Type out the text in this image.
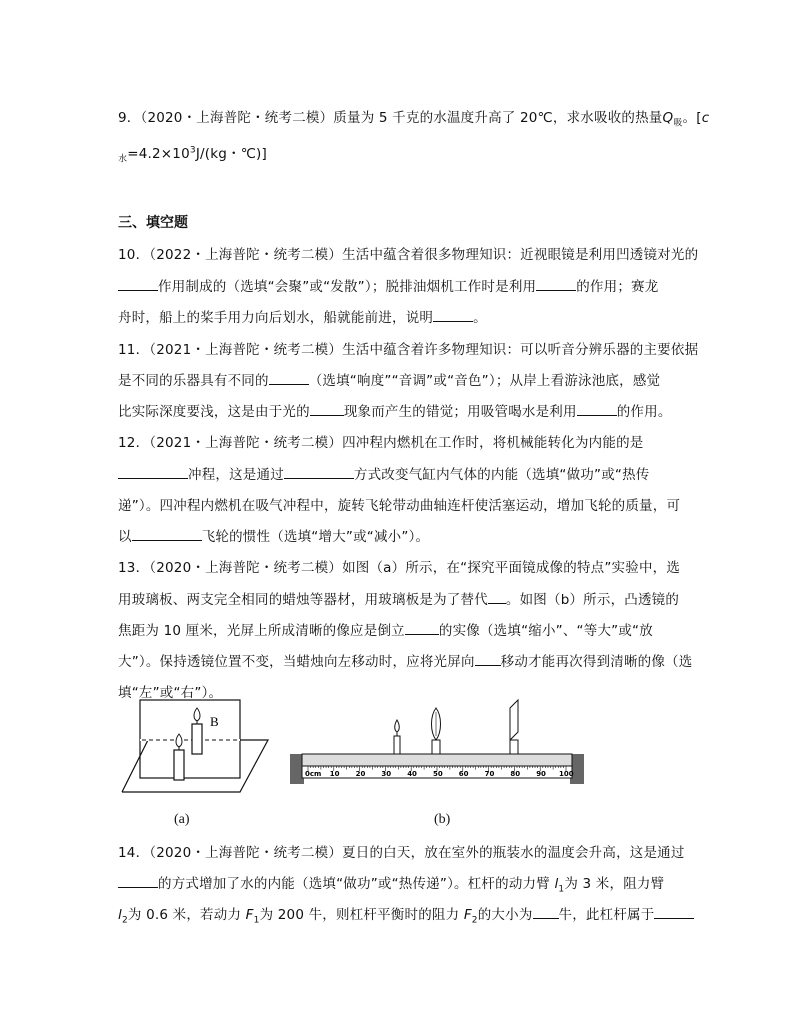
9．（2020・上海普陀・统考二模）质量为 5 千克的水温度升高了 20℃，求水吸收的热量$Q_吸$。[c
$_水=4.2\times 10^3J/(kg$・℃)]
三、填空题
10．（2022・上海普陀・统考二模）生活中蕴含着很多物理知识：近视眼镜是利用凹透镜对光的
作用制成的（选填“会聚”或“发散”）；脱排油烟机工作时是利用	的作用；赛龙
舟时，船上的桨手用力向后划水，船就能前进，说明	。
11．（2021・上海普陀・统考二模）生活中蕴含着许多物理知识：可以听音分辨乐器的主要依据
是不同的乐器具有不同的	（选填“响度”“音调”或“音色”）；从岸上看游泳池底，感觉
比实际深度要浅，这是由于光的	现象而产生的错觉；用吸管喝水是利用	的作用。
12．（2021・上海普陀・统考二模）四冲程内燃机在工作时，将机械能转化为内能的是
冲程，这是通过	方式改变气缸内气体的内能（选填“做功”或“热传
递”）。四冲程内燃机在吸气冲程中，旋转飞轮带动曲轴连杆使活塞运动，增加飞轮的质量，可
以	飞轮的惯性（选填“增大”或“减小”）。
13．（2020・上海普陀・统考二模）如图（a）所示，在“探究平面镜成像的特点”实验中，选
用玻璃板、两支完全相同的蜡烛等器材，用玻璃板是为了替代 。如图（b）所示，凸透镜的
焦距为 10 厘米，光屏上所成清晰的像应是倒立	的实像（选填“缩小”、“等大”或“放
大”）。保持透镜位置不变，当蜡烛向左移动时，应将光屏向 移动才能再次得到清晰的像（选
填“左”或“右”）。
B
0cm 10 20 30 40 50 60 70 80 90 100
(a)	(b)
14．（2020・上海普陀・统考二模）夏日的白天，放在室外的瓶装水的温度会升高，这是通过
的方式增加了水的内能（选填“做功”或“热传递”）。杠杆的动力臂 $l_1$为 3 米，阻力臂
$l_2$为 0.6 米，若动力 $F_1$为 200 牛，则杠杆平衡时的阻力 $F_2$的大小为 牛，此杠杆属于
